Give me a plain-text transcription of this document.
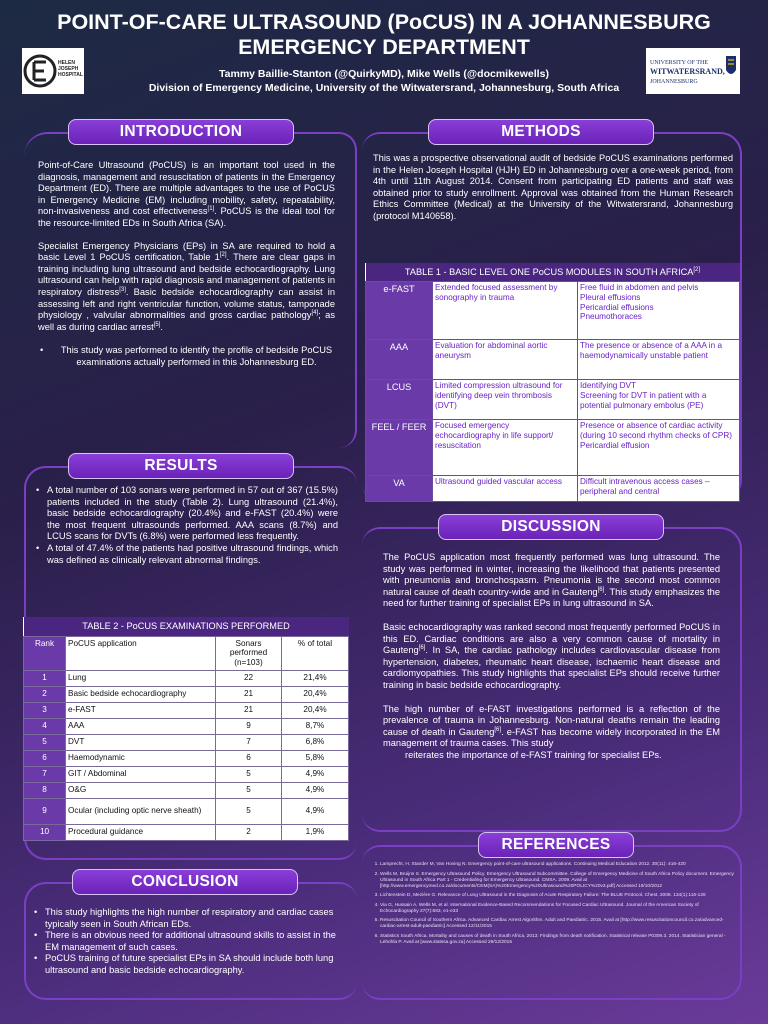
POINT-OF-CARE ULTRASOUND (PoCUS) IN A JOHANNESBURG
EMERGENCY DEPARTMENT
HELEN
JOSEPH
HOSPITAL
UNIVERSITY OF THE
WITWATERSRAND,
JOHANNESBURG
Tammy Baillie-Stanton (@QuirkyMD), Mike Wells (@docmikewells)
Division of Emergency Medicine, University of the Witwatersrand, Johannesburg, South Africa
INTRODUCTION

Point-of-Care Ultrasound (PoCUS) is an important tool used in the diagnosis, management and resuscitation of patients in the Emergency Department (ED). There are multiple advantages to the use of PoCUS in Emergency Medicine (EM) including mobility, safety, repeatability, non-invasiveness and cost effectiveness[1]. PoCUS is the ideal tool for the resource-limited EDs in South Africa (SA).

Specialist Emergency Physicians (EPs) in SA are required to hold a basic Level 1 PoCUS certification, Table 1[2]. There are clear gaps in training including lung ultrasound and bedside echocardiography. Lung ultrasound can help with rapid diagnosis and management of patients in respiratory distress[3]. Basic bedside echocardiography can assist in assessing left and right ventricular function, volume status, tamponade physiology , valvular abnormalities and gross cardiac pathology[4]; as well as during cardiac arrest[5].

• This study was performed to identify the profile of bedside PoCUS examinations actually performed in this Johannesburg ED.
METHODS

This was a prospective observational audit of bedside PoCUS examinations performed in the Helen Joseph Hospital (HJH) ED in Johannesburg over a one-week period, from 4th until 11th August 2014. Consent from participating ED patients and staff was obtained prior to study enrollment. Approval was obtained from the Human Research Ethics Committee (Medical) at the University of the Witwatersrand, Johannesburg (protocol M140658).

TABLE 1 - BASIC LEVEL ONE PoCUS MODULES IN SOUTH AFRICA[2]
e-FAST	Extended focused assessment by sonography in trauma	Free fluid in abdomen and pelvis
Pleural effusions
Pericardial effusions
Pneumothoraces
AAA	Evaluation for abdominal aortic aneurysm	The presence or absence of a AAA in a haemodynamically unstable patient
LCUS	Limited compression ultrasound for identifying deep vein thrombosis (DVT)	Identifying DVT
Screening for DVT in patient with a potential pulmonary embolus (PE)
FEEL / FEER	Focused emergency echocardiography in life support/ resuscitation	Presence or absence of cardiac activity (during 10 second rhythm checks of CPR)
Pericardial effusion
VA	Ultrasound guided vascular access	Difficult intravenous access cases – peripheral and central
RESULTS

• A total number of 103 sonars were performed in 57 out of 367 (15.5%) patients included in the study (Table 2). Lung ultrasound (21.4%), basic bedside echocardiography (20.4%) and e-FAST (20.4%) were the most frequent ultrasounds performed. AAA scans (8.7%) and LCUS scans for DVTs (6.8%) were performed less frequently.

• A total of 47.4% of the patients had positive ultrasound findings, which was defined as clinically relevant abnormal findings.

TABLE 2 - PoCUS EXAMINATIONS PERFORMED			
Rank	PoCUS application	Sonars performed (n=103)	% of total
1	Lung	22	21,4%
2	Basic bedside echocardiography	21	20,4%
3	e-FAST	21	20,4%
4	AAA	9	8,7%
5	DVT	7	6,8%
6	Haemodynamic	6	5,8%
7	GIT / Abdominal	5	4,9%
8	O&G	5	4,9%
9	Ocular (including optic nerve sheath)	5	4,9%
10	Procedural guidance	2	1,9%
DISCUSSION

The PoCUS application most frequently performed was lung ultrasound. The study was performed in winter, increasing the likelihood that patients presented with pneumonia and bronchospasm. Pneumonia is the second most common natural cause of death country-wide and in Gauteng[6]. This study emphasizes the need for further training of specialist EPs in lung ultrasound in SA.

Basic echocardiography was ranked second most frequently performed PoCUS in this ED. Cardiac conditions are also a very common cause of mortality in Gauteng[6]. In SA, the cardiac pathology includes cardiovascular disease from hypertension, diabetes, rheumatic heart disease, ischaemic heart disease and cardiomyopathies. This study highlights that specialist EPs should receive further training in basic bedside echocardiography.

The high number of e-FAST investigations performed is a reflection of the prevalence of trauma in Johannesburg. Non-natural deaths remain the leading cause of death in Gauteng[6]. e-FAST has become widely incorporated in the EM management of trauma cases. This study

reiterates the importance of e-FAST training for specialist EPs.

CONCLUSION

• This study highlights the high number of respiratory and cardiac cases typically seen in South African EDs.

• There is an obvious need for additional ultrasound skills to assist in the EM management of such cases.

• PoCUS training of future specialist EPs in SA should include both lung ultrasound and basic bedside echocardiography.

REFERENCES
1. Lamprecht, H. Stander M, Van Hoving N. Emergency point-of-care ultrasound applications. Continuing Medical Education 2012. 30(11): 416-420
2. Wells M, Bruijns S. Emergency Ultrasound Policy. Emergency Ultrasound Subcommittee. College of Emergency Medicine of South Africa Policy document. Emergency Ultrasound in South Africa Part 1 - Credentialing for Emergency Ultrasound. CMSA. 2009. Avail at [http://www.emergencymed.co.za/documents/CEM(SA)%20Emergency%20Ultrasound%20POLICY%20v3.pdf] Accessed 19/10/2012
3. Lichtenstein D, Mezière G. Relevance of Lung Ultrasound in the Diagnosis of Acute Respiratory Failure: The BLUE Protocol. Chest. 2008. 134(1):116-126
4. Via G, Hussain A, Wells M, et al. International Evidence-Based Recommendations for Focused Cardiac Ultrasound. Journal of the American Society of Echocardiography 27(7):683, e1-e33
5. Resuscitation Council of Southern Africa. Advanced Cardiac Arrest Algorithm. Adult and Paediatric. 2015. Avail at [http://www.resuscitationcouncil.co.za/advanced-cardiac-arrest-adult-paediatric] Accessed 12/11/2015
6. Statistics South Africa. Mortality and causes of death in South Africa, 2013: Findings from death notification. Statistical release P0309.3. 2014. Statistician general - Lehohla P. Avail at [www.statssa.gov.za] Accessed 29/12/2015
